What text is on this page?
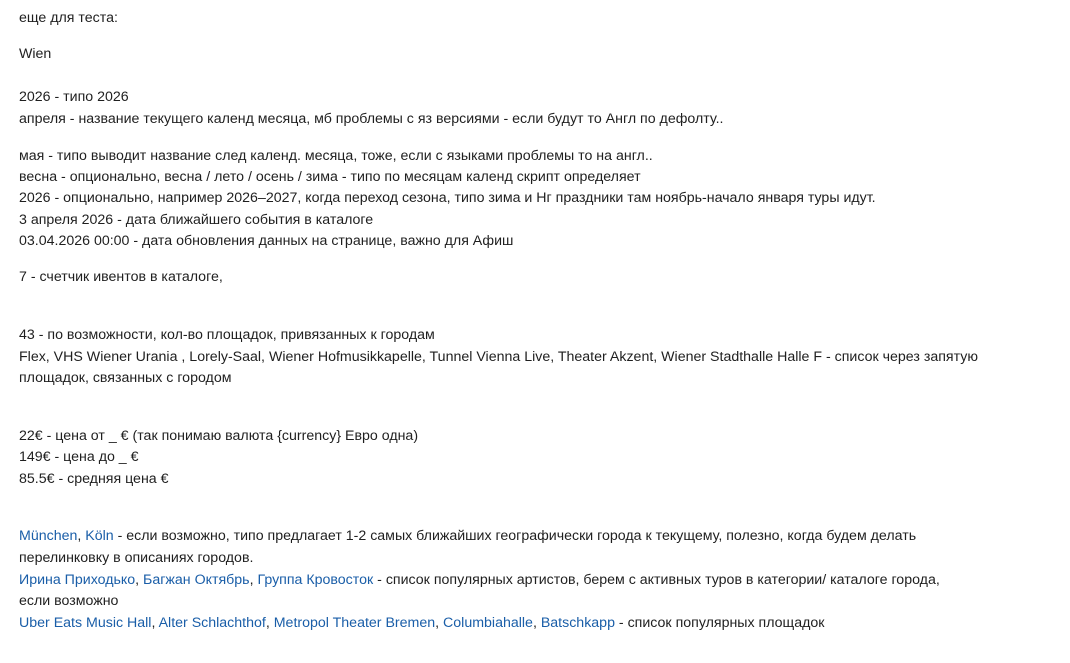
еще для теста:
Wien
2026 - типо 2026
апреля - название текущего календ месяца, мб проблемы с яз версиями - если будут то Англ по дефолту..
мая - типо выводит название след календ. месяца, тоже, если с языками проблемы то на англ..
весна - опционально, весна / лето / осень / зима - типо по месяцам календ скрипт определяет
2026 - опционально, например 2026–2027, когда переход сезона, типо зима и Нг праздники там ноябрь-начало января туры идут.
3 апреля 2026 - дата ближайшего события в каталоге
03.04.2026 00:00 - дата обновления данных на странице, важно для Афиш
7 - счетчик ивентов в каталоге,
43 - по возможности, кол-во площадок, привязанных к городам
Flex, VHS Wiener Urania , Lorely-Saal, Wiener Hofmusikkapelle, Tunnel Vienna Live, Theater Akzent, Wiener Stadthalle Halle F - список через запятую
площадок, связанных с городом
22€ - цена от _ € (так понимаю валюта {currency} Евро одна)
149€ - цена до _ €
85.5€ - средняя цена €
München, Köln - если возможно, типо предлагает 1-2 самых ближайших географически города к текущему, полезно, когда будем делать
перелинковку в описаниях городов.
Ирина Приходько, Багжан Октябрь, Группа Кровосток - список популярных артистов, берем с активных туров в категории/ каталоге города,
если возможно
Uber Eats Music Hall, Alter Schlachthof, Metropol Theater Bremen, Columbiahalle, Batschkapp - список популярных площадок
